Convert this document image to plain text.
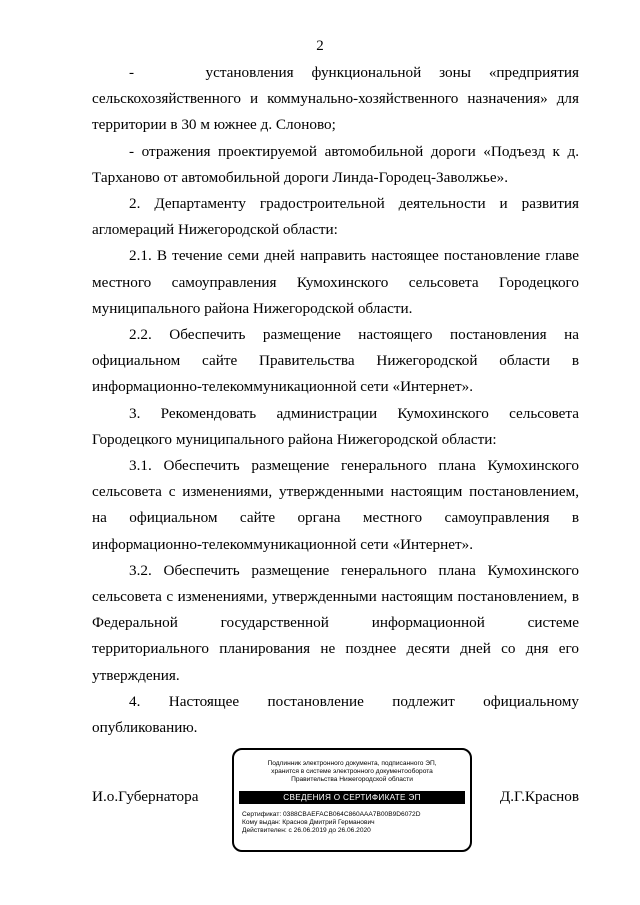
2

-    установления функциональной зоны «предприятия сельскохозяйственного и коммунально-хозяйственного назначения» для территории в 30 м южнее д. Слоново;

- отражения проектируемой автомобильной дороги «Подъезд к д. Тарханово от автомобильной дороги Линда-Городец-Заволжье».

2. Департаменту градостроительной деятельности и развития агломераций Нижегородской области:

2.1. В течение семи дней направить настоящее постановление главе местного самоуправления Кумохинского сельсовета Городецкого муниципального района Нижегородской области.

2.2. Обеспечить размещение настоящего постановления на официальном сайте Правительства Нижегородской области в информационно-телекоммуникационной сети «Интернет».

3. Рекомендовать администрации Кумохинского сельсовета Городецкого муниципального района Нижегородской области:

3.1. Обеспечить размещение генерального плана Кумохинского сельсовета с изменениями, утвержденными настоящим постановлением, на официальном сайте органа местного самоуправления в информационно-телекоммуникационной сети «Интернет».

3.2. Обеспечить размещение генерального плана Кумохинского сельсовета с изменениями, утвержденными настоящим постановлением, в Федеральной государственной информационной системе территориального планирования не позднее десяти дней со дня его утверждения.

4. Настоящее постановление подлежит официальному опубликованию.

И.о.Губернатора	Д.Г.Краснов
Подлинник электронного документа, подписанного ЭП,
хранится в системе электронного документооборота
Правительства Нижегородской области
СВЕДЕНИЯ О СЕРТИФИКАТЕ ЭП
Сертификат: 0388CBAEFACB064C860AAA7B00B9D6072D
Кому выдан: Краснов Дмитрий Германович
Действителен: с 26.06.2019 до 26.06.2020
